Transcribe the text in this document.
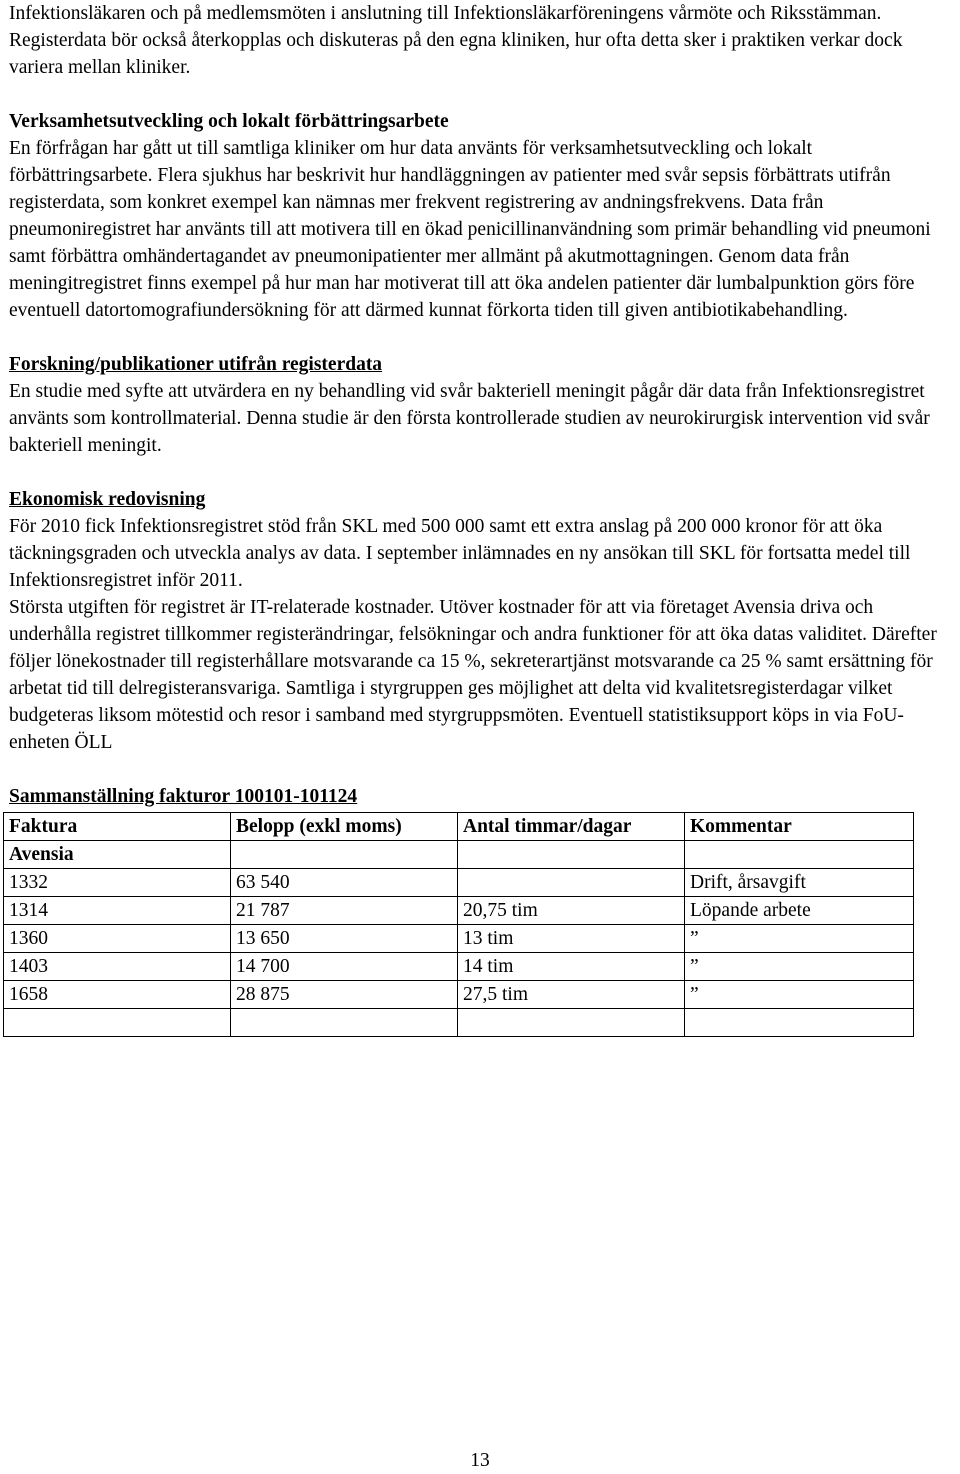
Infektionsläkaren och på medlemsmöten i anslutning till Infektionsläkarföreningens vårmöte och Riksstämman. Registerdata bör också återkopplas och diskuteras på den egna kliniken, hur ofta detta sker i praktiken verkar dock variera mellan kliniker.

Verksamhetsutveckling och lokalt förbättringsarbete

En förfrågan har gått ut till samtliga kliniker om hur data använts för verksamhetsutveckling och lokalt förbättringsarbete. Flera sjukhus har beskrivit hur handläggningen av patienter med svår sepsis förbättrats utifrån registerdata, som konkret exempel kan nämnas mer frekvent registrering av andningsfrekvens. Data från pneumoniregistret har använts till att motivera till en ökad penicillinanvändning som primär behandling vid pneumoni samt förbättra omhändertagandet av pneumonipatienter mer allmänt på akutmottagningen. Genom data från meningitregistret finns exempel på hur man har motiverat till att öka andelen patienter där lumbalpunktion görs före eventuell datortomografiundersökning för att därmed kunnat förkorta tiden till given antibiotikabehandling.

Forskning/publikationer utifrån registerdata

En studie med syfte att utvärdera en ny behandling vid svår bakteriell meningit pågår där data från Infektionsregistret använts som kontrollmaterial. Denna studie är den första kontrollerade studien av neurokirurgisk intervention vid svår bakteriell meningit.

Ekonomisk redovisning

För 2010 fick Infektionsregistret stöd från SKL med 500 000 samt ett extra anslag på 200 000 kronor för att öka täckningsgraden och utveckla analys av data. I september inlämnades en ny ansökan till SKL för fortsatta medel till Infektionsregistret inför 2011.

Största utgiften för registret är IT-relaterade kostnader. Utöver kostnader för att via företaget Avensia driva och underhålla registret tillkommer registerändringar, felsökningar och andra funktioner för att öka datas validitet. Därefter följer lönekostnader till registerhållare motsvarande ca 15 %, sekreterartjänst motsvarande ca 25 % samt ersättning för arbetat tid till delregisteransvariga. Samtliga i styrgruppen ges möjlighet att delta vid kvalitetsregisterdagar vilket budgeteras liksom mötestid och resor i samband med styrgruppsmöten. Eventuell statistiksupport köps in via FoU-enheten ÖLL

Sammanställning fakturor 100101-101124

Faktura	Belopp (exkl moms)	Antal timmar/dagar	Kommentar
Avensia			
1332	63 540		Drift, årsavgift
1314	21 787	20,75 tim	Löpande arbete
1360	13 650	13 tim	”
1403	14 700	14 tim	”
1658	28 875	27,5 tim	”

13
